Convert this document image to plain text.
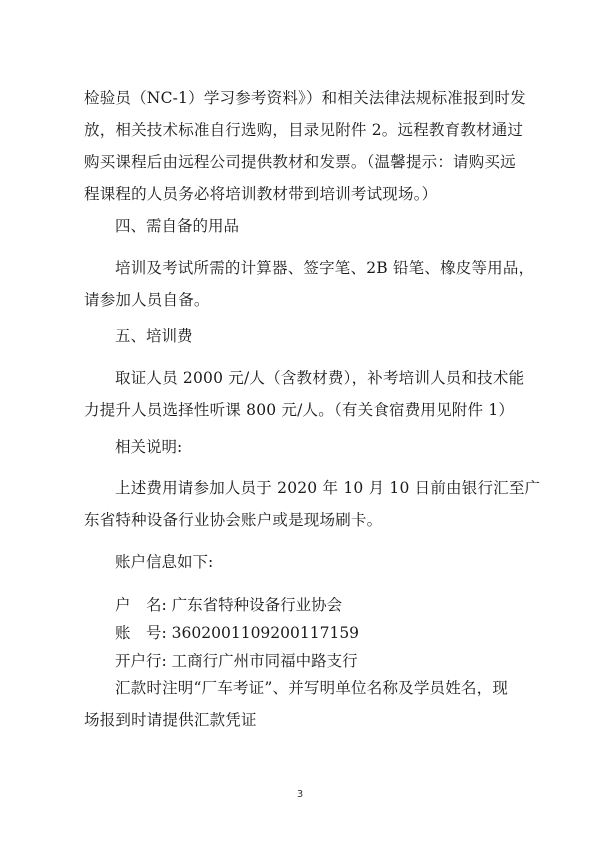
检验员（NC-1）学习参考资料》）和相关法律法规标准报到时发
放，相关技术标准自行选购，目录见附件 2。远程教育教材通过
购买课程后由远程公司提供教材和发票。（温馨提示：请购买远
程课程的人员务必将培训教材带到培训考试现场。）

四、需自备的用品

培训及考试所需的计算器、签字笔、2B 铅笔、橡皮等用品，
请参加人员自备。

五、培训费

取证人员 2000 元/人（含教材费），补考培训人员和技术能
力提升人员选择性听课 800 元/人。（有关食宿费用见附件 1）

相关说明:

上述费用请参加人员于 2020 年 10 月 10 日前由银行汇至广
东省特种设备行业协会账户或是现场刷卡。

账户信息如下:

户　名: 广东省特种设备行业协会
账　号: 3602001109200117159
开户行: 工商行广州市同福中路支行
汇款时注明“厂车考证”、并写明单位名称及学员姓名，现
场报到时请提供汇款凭证
3
